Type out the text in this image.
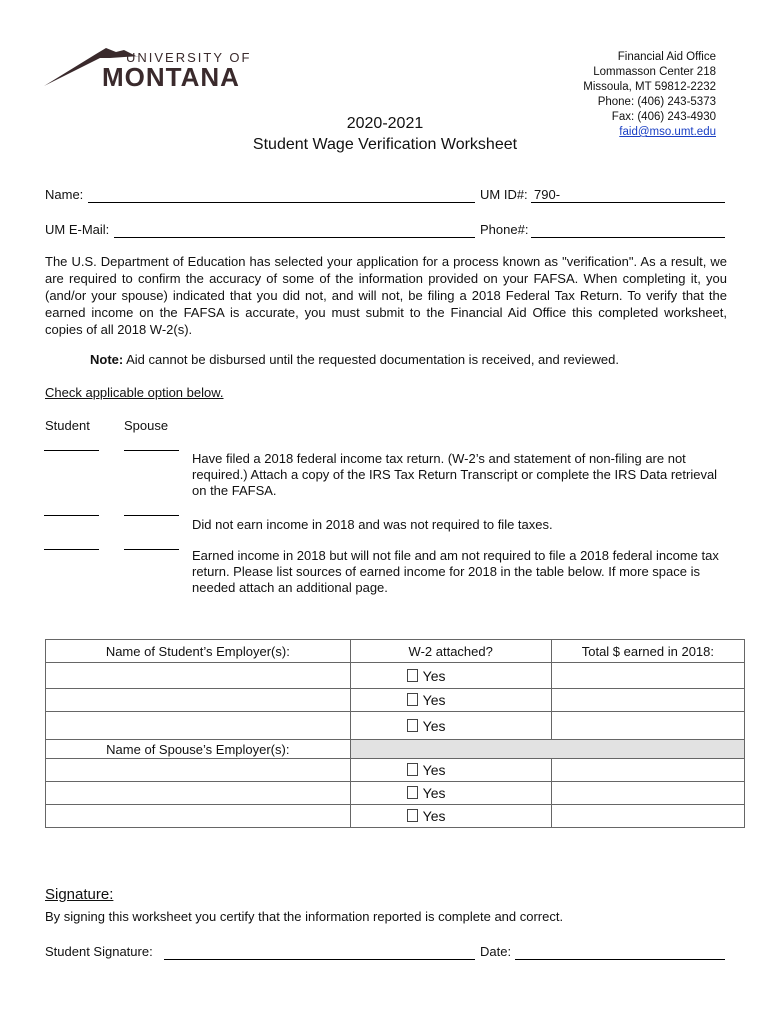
UNIVERSITY OF
MONTANA
Financial Aid Office
Lommasson Center 218
Missoula, MT 59812-2232
Phone: (406) 243-5373
Fax: (406) 243-4930
faid@mso.umt.edu
2020-2021
Student Wage Verification Worksheet
Name:	UM ID#: 790-
UM E-Mail:	Phone#:
The U.S. Department of Education has selected your application for a process known as "verification". As a result, we are required to confirm the accuracy of some of the information provided on your FAFSA. When completing it, you (and/or your spouse) indicated that you did not, and will not, be filing a 2018 Federal Tax Return. To verify that the earned income on the FAFSA is accurate, you must submit to the Financial Aid Office this completed worksheet, copies of all 2018 W-2(s).
Note: Aid cannot be disbursed until the requested documentation is received, and reviewed.
Check applicable option below.
Student	Spouse
Have filed a 2018 federal income tax return. (W-2’s and statement of non-filing are not required.) Attach a copy of the IRS Tax Return Transcript or complete the IRS Data retrieval on the FAFSA.
Did not earn income in 2018 and was not required to file taxes.
Earned income in 2018 but will not file and am not required to file a 2018 federal income tax return. Please list sources of earned income for 2018 in the table below. If more space is needed attach an additional page.
Name of Student’s Employer(s):	W-2 attached?	Total $ earned in 2018:
	Yes	
	Yes	
	Yes	
Name of Spouse’s Employer(s):		
	Yes	
	Yes	
	Yes	
Signature:
By signing this worksheet you certify that the information reported is complete and correct.
Student Signature:	Date:
